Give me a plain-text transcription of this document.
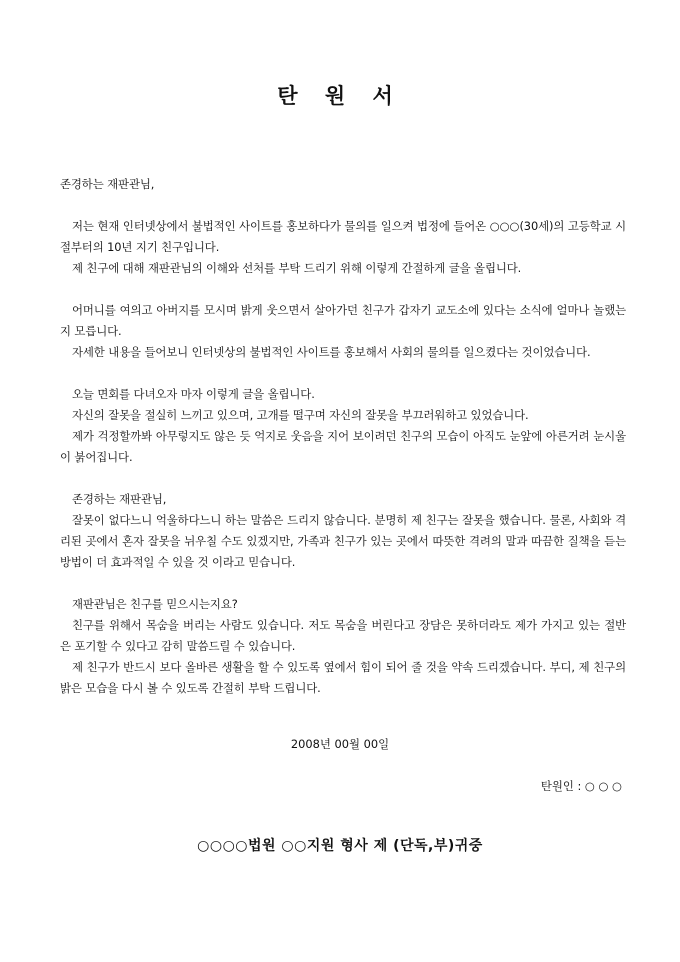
탄 원 서

존경하는 재판관님,

저는 현재 인터넷상에서 불법적인 사이트를 홍보하다가 물의를 일으켜 법정에 들어온 ○○○(30세)의 고등학교 시절부터의 10년 지기 친구입니다.

제 친구에 대해 재판관님의 이해와 선처를 부탁 드리기 위해 이렇게 간절하게 글을 올립니다.

어머니를 여의고 아버지를 모시며 밝게 웃으면서 살아가던 친구가 갑자기 교도소에 있다는 소식에 얼마나 놀랬는지 모릅니다.

자세한 내용을 들어보니 인터넷상의 불법적인 사이트를 홍보해서 사회의 물의를 일으켰다는 것이었습니다.

오늘 면회를 다녀오자 마자 이렇게 글을 올립니다.

자신의 잘못을 절실히 느끼고 있으며, 고개를 떨구며 자신의 잘못을 부끄러워하고 있었습니다.

제가 걱정할까봐 아무렇지도 않은 듯 억지로 웃음을 지어 보이려던 친구의 모습이 아직도 눈앞에 아른거려 눈시울이 붉어집니다.

존경하는 재판관님,

잘못이 없다느니 억울하다느니 하는 말씀은 드리지 않습니다. 분명히 제 친구는 잘못을 했습니다. 물론, 사회와 격리된 곳에서 혼자 잘못을 뉘우칠 수도 있겠지만, 가족과 친구가 있는 곳에서 따뜻한 격려의 말과 따끔한 질책을 듣는 방법이 더 효과적일 수 있을 것 이라고 믿습니다.

재판관님은 친구를 믿으시는지요?

친구를 위해서 목숨을 버리는 사람도 있습니다. 저도 목숨을 버린다고 장담은 못하더라도 제가 가지고 있는 절반은 포기할 수 있다고 감히 말씀드릴 수 있습니다.

제 친구가 반드시 보다 올바른 생활을 할 수 있도록 옆에서 힘이 되어 줄 것을 약속 드리겠습니다. 부디, 제 친구의 밝은 모습을 다시 볼 수 있도록 간절히 부탁 드립니다.

2008년 00월 00일
탄원인 : ○ ○ ○
○○○○법원 ○○지원 형사 제 (단독,부)귀중
